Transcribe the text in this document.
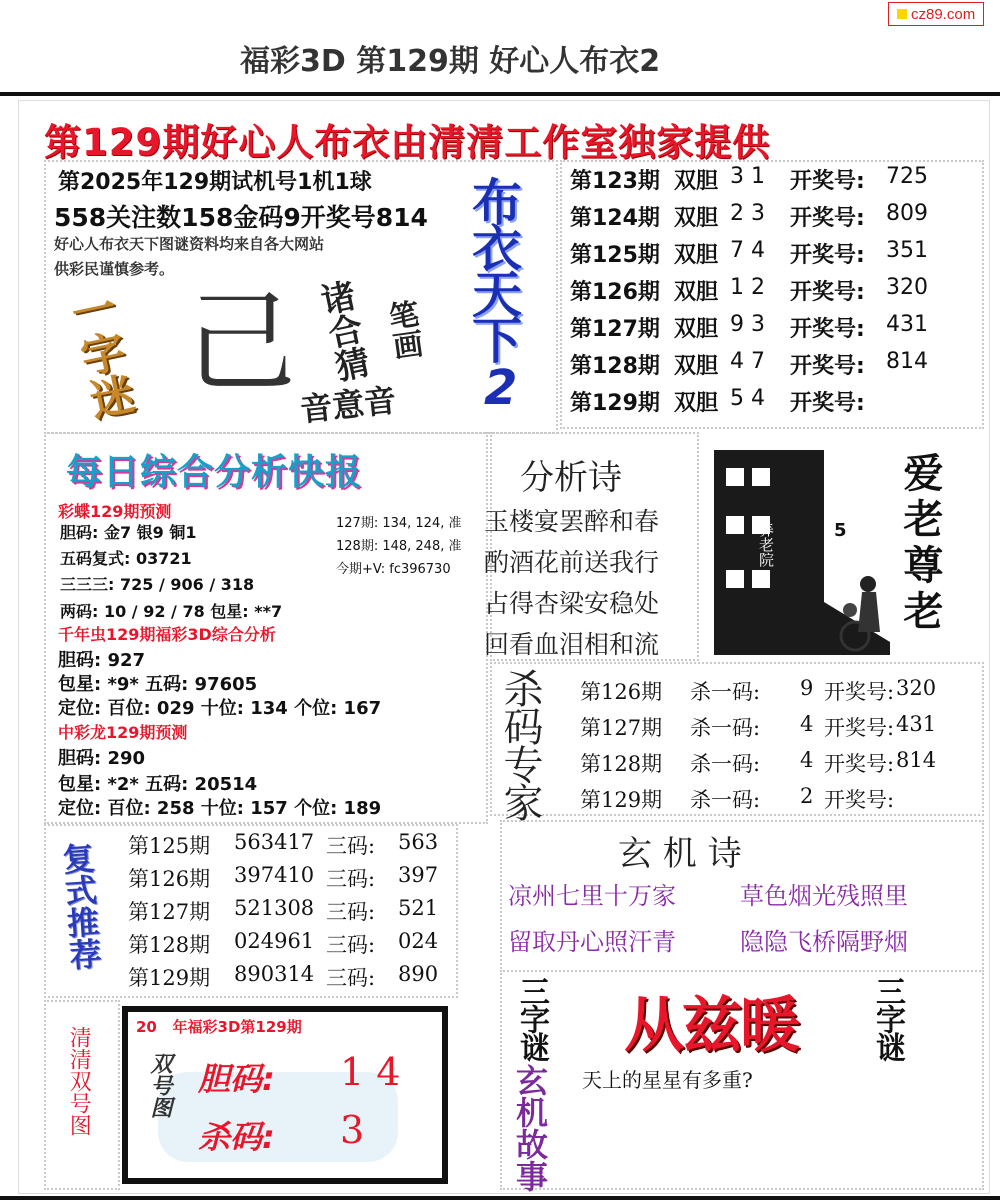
福彩3D 第129期 好心人布衣2
cz89.com
第129期好心人布衣由清清工作室独家提供
第2025年129期试机号1机1球
558关注数158金码9开奖号814
好心人布衣天下图谜资料均来自各大网站
供彩民谨慎参考。
一字迷 己 诸合猜 笔画
音意音
布衣天下
2
第123期 双胆 3 1 开奖号: 725
第124期 双胆 2 3 开奖号: 809
第125期 双胆 7 4 开奖号: 351
第126期 双胆 1 2 开奖号: 320
第127期 双胆 9 3 开奖号: 431
第128期 双胆 4 7 开奖号: 814
第129期 双胆 5 4 开奖号:
每日综合分析快报
彩蝶129期预测
胆码: 金7 银9 铜1
五码复式: 03721
三三三: 725 / 906 / 318
两码: 10 / 92 / 78 包星: **7
127期: 134, 124, 准
128期: 148, 248, 准
今期+V: fc396730
千年虫129期福彩3D综合分析
胆码: 927
包星: *9* 五码: 97605
定位: 百位: 029 十位: 134 个位: 167
中彩龙129期预测
胆码: 290
包星: *2* 五码: 20514
定位: 百位: 258 十位: 157 个位: 189
分析诗
玉楼宴罢醉和春
酌酒花前送我行
占得杏梁安稳处
回看血泪相和流
养老院	5 爱老尊老
杀码专家 第126期 杀一码: 9 开奖号: 320
第127期 杀一码: 4 开奖号: 431
第128期 杀一码: 4 开奖号: 814
第129期 杀一码: 2 开奖号:
复式推荐 第125期 563417 三码: 563
第126期 397410 三码: 397
第127期 521308 三码: 521
第128期 024961 三码: 024
第129期 890314 三码: 890
玄 机 诗
凉州七里十万家	草色烟光残照里
留取丹心照汗青	隐隐飞桥隔野烟
清清双号图	20   年福彩3D第129期
双号图 胆码: 1 4
杀码: 3
三字谜
玄机故事
三字谜
从兹暖
天上的星星有多重?
